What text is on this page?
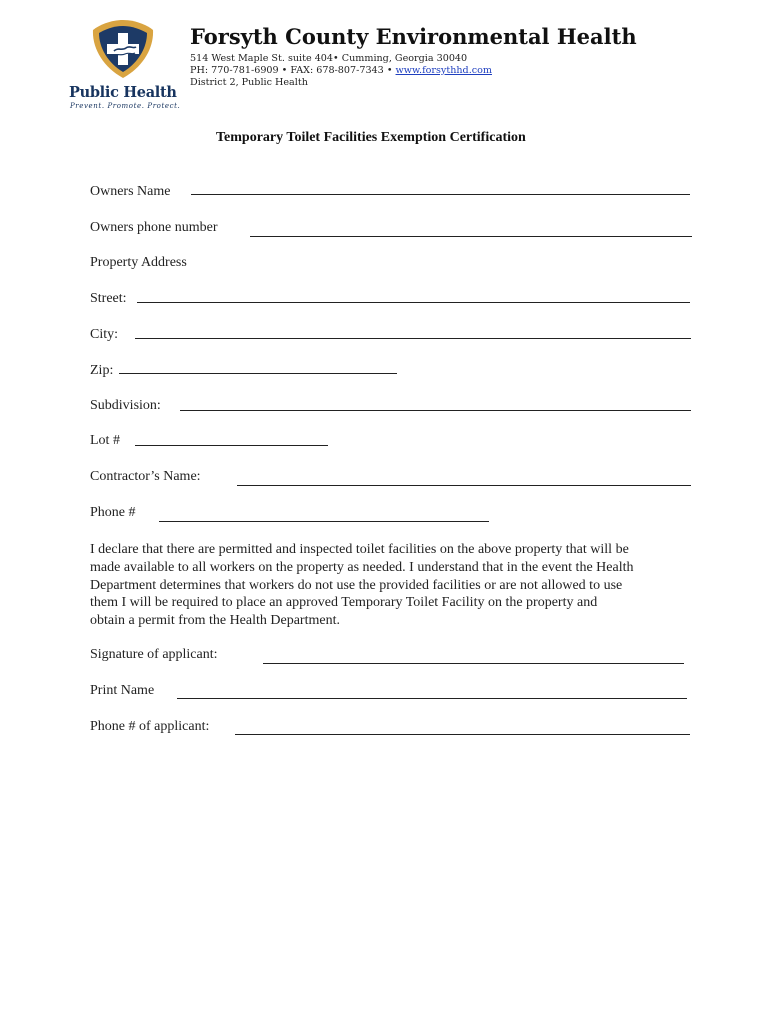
Public Health
Prevent. Promote. Protect.
Forsyth County Environmental Health
514 West Maple St. suite 404• Cumming, Georgia 30040
PH: 770-781-6909 • FAX: 678-807-7343 • www.forsythhd.com
District 2, Public Health
Temporary Toilet Facilities Exemption Certification
Owners Name
Owners phone number
Property Address
Street:
City:
Zip:
Subdivision:
Lot #
Contractor’s Name:
Phone #
I declare that there are permitted and inspected toilet facilities on the above property that will be
made available to all workers on the property as needed. I understand that in the event the Health
Department determines that workers do not use the provided facilities or are not allowed to use
them I will be required to place an approved Temporary Toilet Facility on the property and
obtain a permit from the Health Department.
Signature of applicant:
Print Name
Phone # of applicant:
